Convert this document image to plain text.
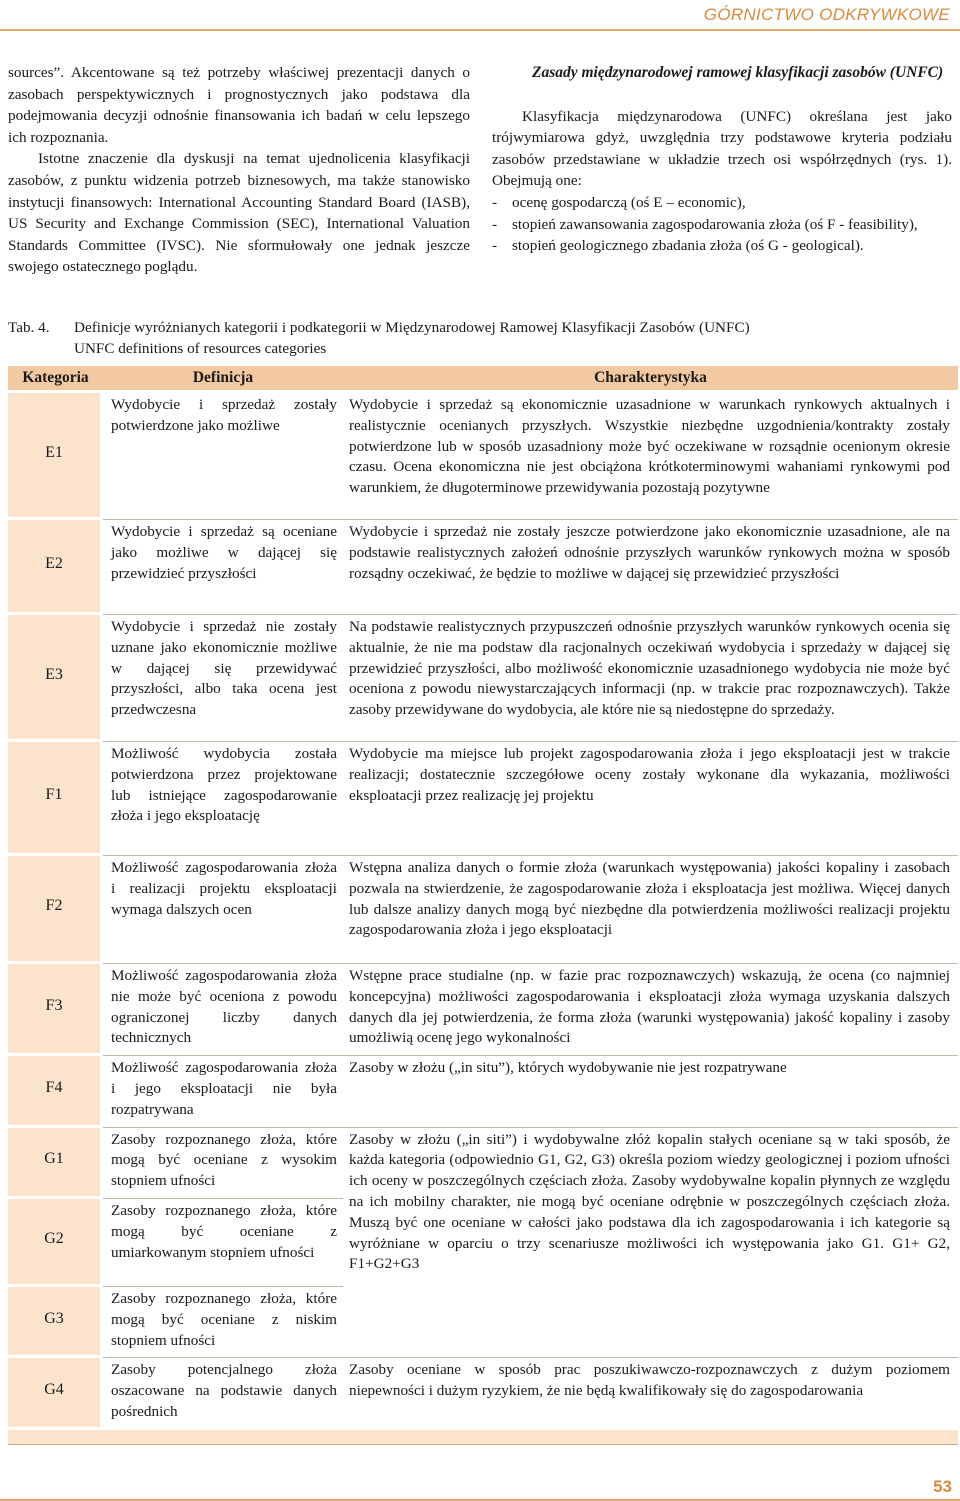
GÓRNICTWO ODKRYWKOWE

sources”. Akcentowane są też potrzeby właściwej prezentacji danych o zasobach perspektywicznych i prognostycznych jako podstawa dla podejmowania decyzji odnośnie finansowania ich badań w celu lepszego ich rozpoznania.

Istotne znaczenie dla dyskusji na temat ujednolicenia klasyfikacji zasobów, z punktu widzenia potrzeb biznesowych, ma także stanowisko instytucji finansowych: International Accounting Standard Board (IASB), US Security and Exchange Commission (SEC), International Valuation Standards Committee (IVSC). Nie sformułowały one jednak jeszcze swojego ostatecznego poglądu.

Zasady międzynarodowej ramowej klasyfikacji zasobów (UNFC)

Klasyfikacja międzynarodowa (UNFC) określana jest jako trójwymiarowa gdyż, uwzględnia trzy podstawowe kryteria podziału zasobów przedstawiane w układzie trzech osi współrzędnych (rys. 1). Obejmują one:

- ocenę gospodarczą (oś E – economic),
- stopień zawansowania zagospodarowania złoża (oś F - feasibility),
- stopień geologicznego zbadania złoża (oś G - geological).
Tab. 4. Definicje wyróżnianych kategorii i podkategorii w Międzynarodowej Ramowej Klasyfikacji Zasobów (UNFC)
UNFC definitions of resources categories
Kategoria	Definicja	Charakterystyka
E1	Wydobycie i sprzedaż zostały potwierdzone jako możliwe	Wydobycie i sprzedaż są ekonomicznie uzasadnione w warunkach rynkowych aktualnych i realistycznie ocenianych przyszłych. Wszystkie niezbędne uzgodnienia/kontrakty zostały potwierdzone lub w sposób uzasadniony może być oczekiwane w rozsądnie ocenionym okresie czasu. Ocena ekonomiczna nie jest obciążona krótkoterminowymi wahaniami rynkowymi pod warunkiem, że długoterminowe przewidywania pozostają pozytywne
E2	Wydobycie i sprzedaż są oceniane jako możliwe w dającej się przewidzieć przyszłości	Wydobycie i sprzedaż nie zostały jeszcze potwierdzone jako ekonomicznie uzasadnione, ale na podstawie realistycznych założeń odnośnie przyszłych warunków rynkowych można w sposób rozsądny oczekiwać, że będzie to możliwe w dającej się przewidzieć przyszłości
E3	Wydobycie i sprzedaż nie zostały uznane jako ekonomicznie możliwe w dającej się przewidywać przyszłości, albo taka ocena jest przedwczesna	Na podstawie realistycznych przypuszczeń odnośnie przyszłych warunków rynkowych ocenia się aktualnie, że nie ma podstaw dla racjonalnych oczekiwań wydobycia i sprzedaży w dającej się przewidzieć przyszłości, albo możliwość ekonomicznie uzasadnionego wydobycia nie może być oceniona z powodu niewystarczających informacji (np. w trakcie prac rozpoznawczych). Także zasoby przewidywane do wydobycia, ale które nie są niedostępne do sprzedaży.
F1	Możliwość wydobycia została potwierdzona przez projektowane lub istniejące zagospodarowanie złoża i jego eksploatację	Wydobycie ma miejsce lub projekt zagospodarowania złoża i jego eksploatacji jest w trakcie realizacji; dostatecznie szczegółowe oceny zostały wykonane dla wykazania, możliwości eksploatacji przez realizację jej projektu
F2	Możliwość zagospodarowania złoża i realizacji projektu eksploatacji wymaga dalszych ocen	Wstępna analiza danych o formie złoża (warunkach występowania) jakości kopaliny i zasobach pozwala na stwierdzenie, że zagospodarowanie złoża i eksploatacja jest możliwa. Więcej danych lub dalsze analizy danych mogą być niezbędne dla potwierdzenia możliwości realizacji projektu zagospodarowania złoża i jego eksploatacji
F3	Możliwość zagospodarowania złoża nie może być oceniona z powodu ograniczonej liczby danych technicznych	Wstępne prace studialne (np. w fazie prac rozpoznawczych) wskazują, że ocena (co najmniej koncepcyjna) możliwości zagospodarowania i eksploatacji złoża wymaga uzyskania dalszych danych dla jej potwierdzenia, że forma złoża (warunki występowania) jakość kopaliny i zasoby umożliwią ocenę jego wykonalności
F4	Możliwość zagospodarowania złoża i jego eksploatacji nie była rozpatrywana	Zasoby w złożu („in situ”), których wydobywanie nie jest rozpatrywane
G1	Zasoby rozpoznanego złoża, które mogą być oceniane z wysokim stopniem ufności	Zasoby w złożu („in siti”) i wydobywalne złóż kopalin stałych oceniane są w taki sposób, że każda kategoria (odpowiednio G1, G2, G3) określa poziom wiedzy geologicznej i poziom ufności ich oceny w poszczególnych częściach złoża. Zasoby wydobywalne kopalin płynnych ze względu na ich mobilny charakter, nie mogą być oceniane odrębnie w poszczególnych częściach złoża. Muszą być one oceniane w całości jako podstawa dla ich zagospodarowania i ich kategorie są wyróżniane w oparciu o trzy scenariusze możliwości ich występowania jako G1. G1+ G2, F1+G2+G3
G2	Zasoby rozpoznanego złoża, które mogą być oceniane z umiarkowanym stopniem ufności	
G3	Zasoby rozpoznanego złoża, które mogą być oceniane z niskim stopniem ufności	
G4	Zasoby potencjalnego złoża oszacowane na podstawie danych pośrednich	Zasoby oceniane w sposób prac poszukiwawczo-rozpoznawczych z dużym poziomem niepewności i dużym ryzykiem, że nie będą kwalifikowały się do zagospodarowania
53
